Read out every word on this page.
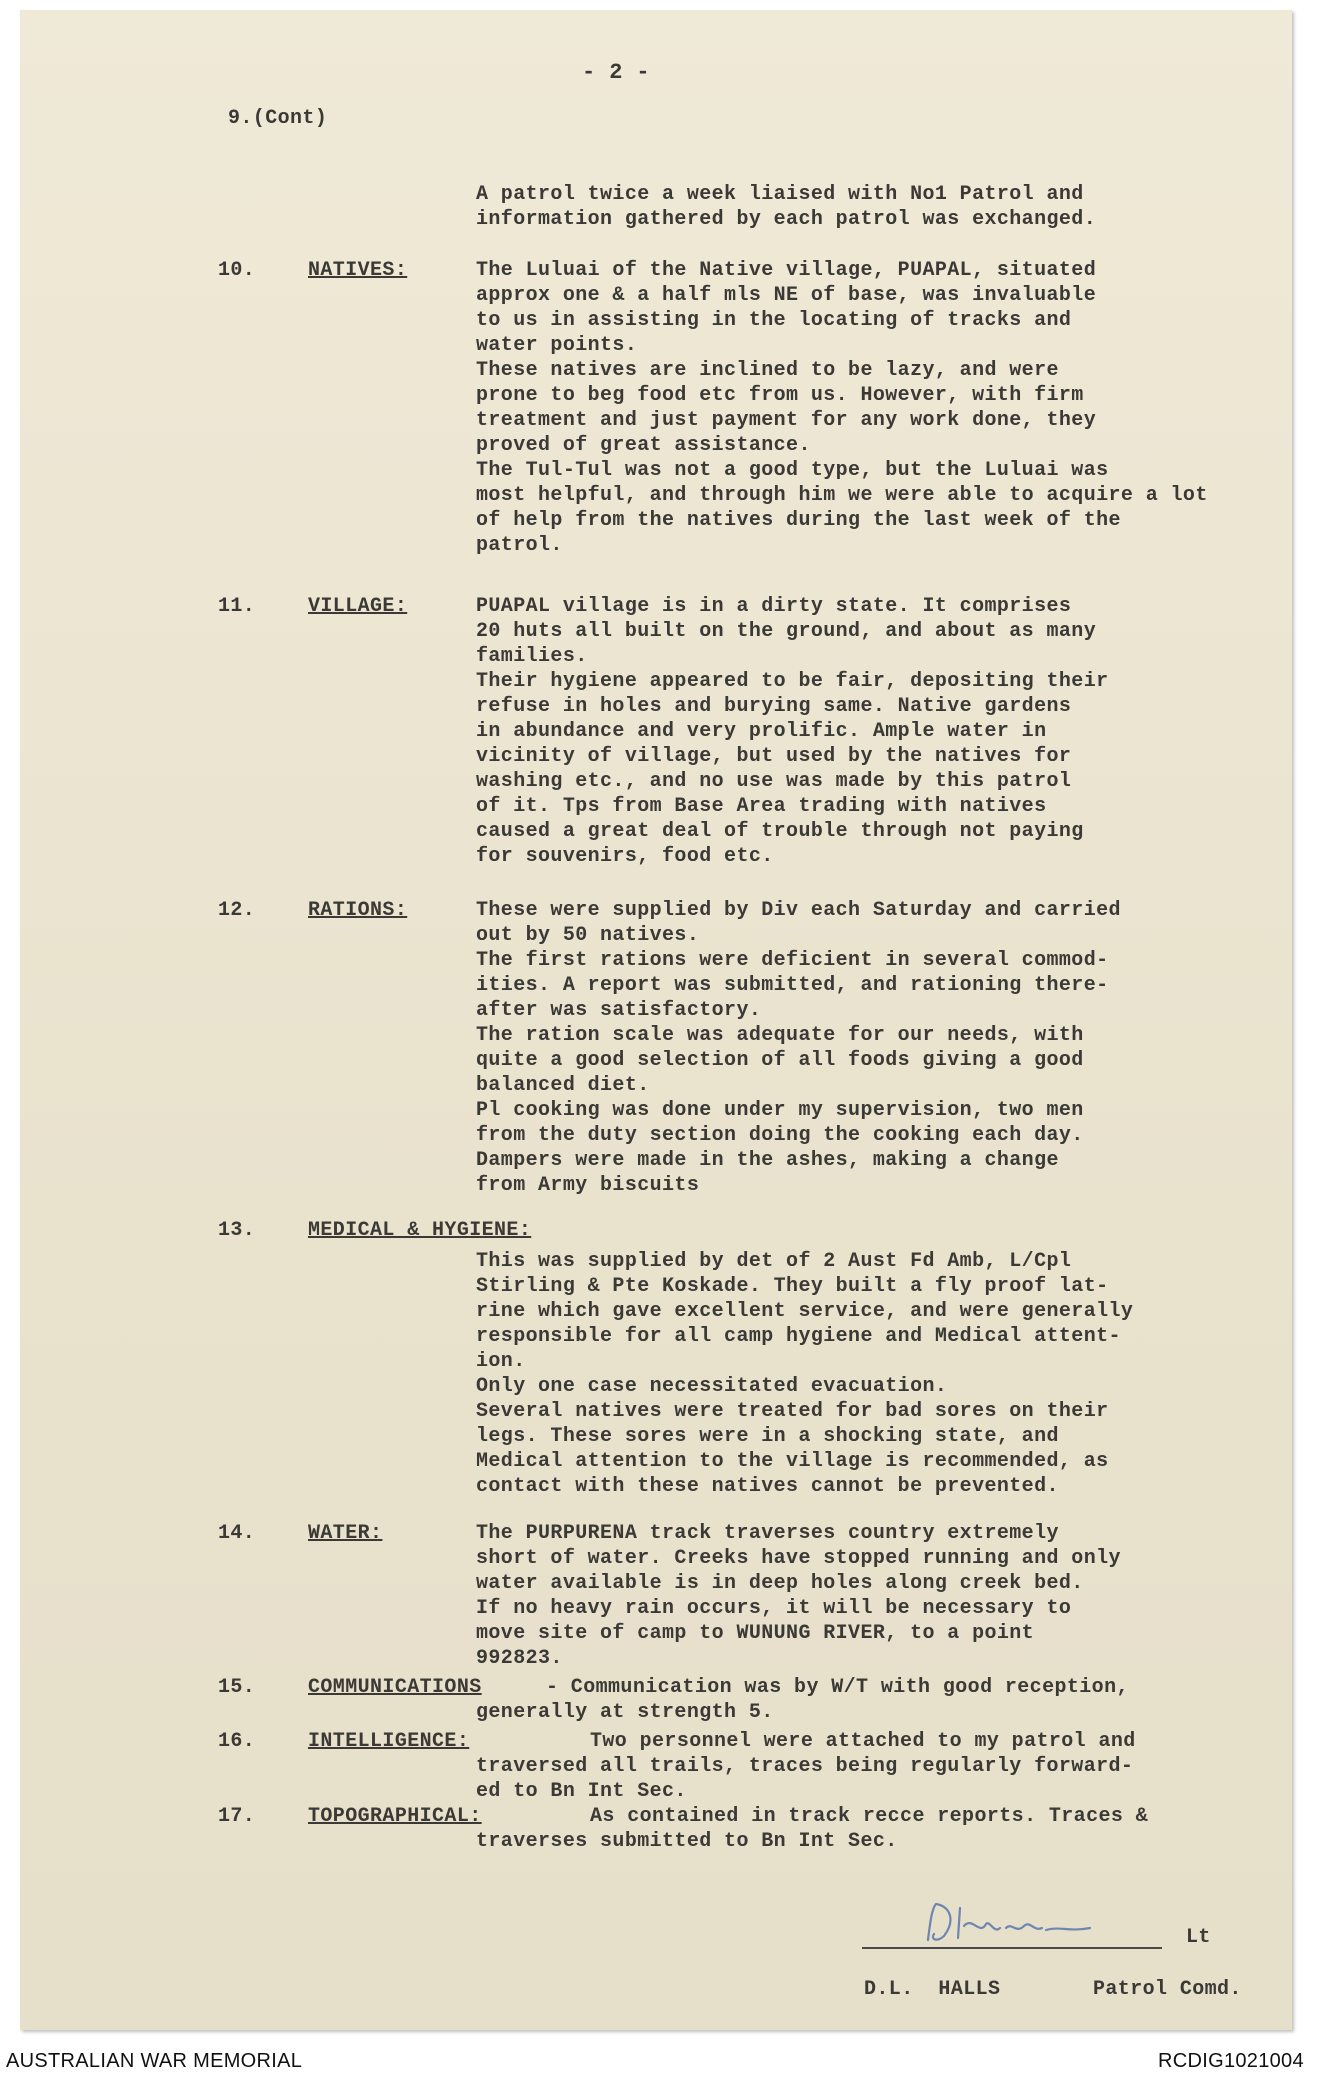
- 2 -
9.(Cont)
A patrol twice a week liaised with No1 Patrol and
information gathered by each patrol was exchanged.
10.	NATIVES:	The Luluai of the Native village, PUAPAL, situated
approx one & a half mls NE of base, was invaluable
to us in assisting in the locating of tracks and
water points.
These natives are inclined to be lazy, and were
prone to beg food etc from us. However, with firm
treatment and just payment for any work done, they
proved of great assistance.
The Tul-Tul was not a good type, but the Luluai was
most helpful, and through him we were able to acquire a lot
of help from the natives during the last week of the
patrol.
11.	VILLAGE:	PUAPAL village is in a dirty state. It comprises
20 huts all built on the ground, and about as many
families.
Their hygiene appeared to be fair, depositing their
refuse in holes and burying same. Native gardens
in abundance and very prolific. Ample water in
vicinity of village, but used by the natives for
washing etc., and no use was made by this patrol
of it. Tps from Base Area trading with natives
caused a great deal of trouble through not paying
for souvenirs, food etc.
12.	RATIONS:	These were supplied by Div each Saturday and carried
out by 50 natives.
The first rations were deficient in several commod-
ities. A report was submitted, and rationing there-
after was satisfactory.
The ration scale was adequate for our needs, with
quite a good selection of all foods giving a good
balanced diet.
Pl cooking was done under my supervision, two men
from the duty section doing the cooking each day.
Dampers were made in the ashes, making a change
from Army biscuits
13.	MEDICAL & HYGIENE:
This was supplied by det of 2 Aust Fd Amb, L/Cpl
Stirling & Pte Koskade. They built a fly proof lat-
rine which gave excellent service, and were generally
responsible for all camp hygiene and Medical attent-
ion.
Only one case necessitated evacuation.
Several natives were treated for bad sores on their
legs. These sores were in a shocking state, and
Medical attention to the village is recommended, as
contact with these natives cannot be prevented.
14.	WATER:	The PURPURENA track traverses country extremely
short of water. Creeks have stopped running and only
water available is in deep holes along creek bed.
If no heavy rain occurs, it will be necessary to
move site of camp to WUNUNG RIVER, to a point
992823.
15.	COMMUNICATIONS	- Communication was by W/T with good reception,
generally at strength 5.
16.	INTELLIGENCE:	Two personnel were attached to my patrol and
traversed all trails, traces being regularly forward-
ed to Bn Int Sec.
17.	TOPOGRAPHICAL:	As contained in track recce reports. Traces &
traverses submitted to Bn Int Sec.
Lt
D.L.  HALLS	Patrol Comd.
AUSTRALIAN WAR MEMORIAL	RCDIG1021004
